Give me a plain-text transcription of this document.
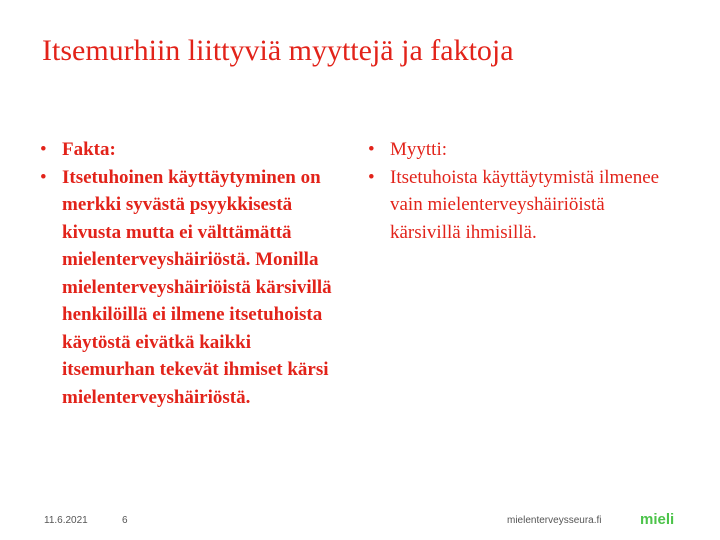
Itsemurhiin liittyviä myyttejä ja faktoja
• Fakta:
• Itsetuhoinen käyttäytyminen on merkki syvästä psyykkisestä kivusta mutta ei välttämättä mielenterveyshäiriöstä. Monilla mielenterveyshäiriöistä kärsivillä henkilöillä ei ilmene itsetuhoista käytöstä eivätkä kaikki itsemurhan tekevät ihmiset kärsi mielenterveyshäiriöstä.
• Myytti:
• Itsetuhoista käyttäytymistä ilmenee vain mielenterveyshäiriöistä kärsivillä ihmisillä.
11.6.2021	6	mielenterveysseura.fi	mieli
